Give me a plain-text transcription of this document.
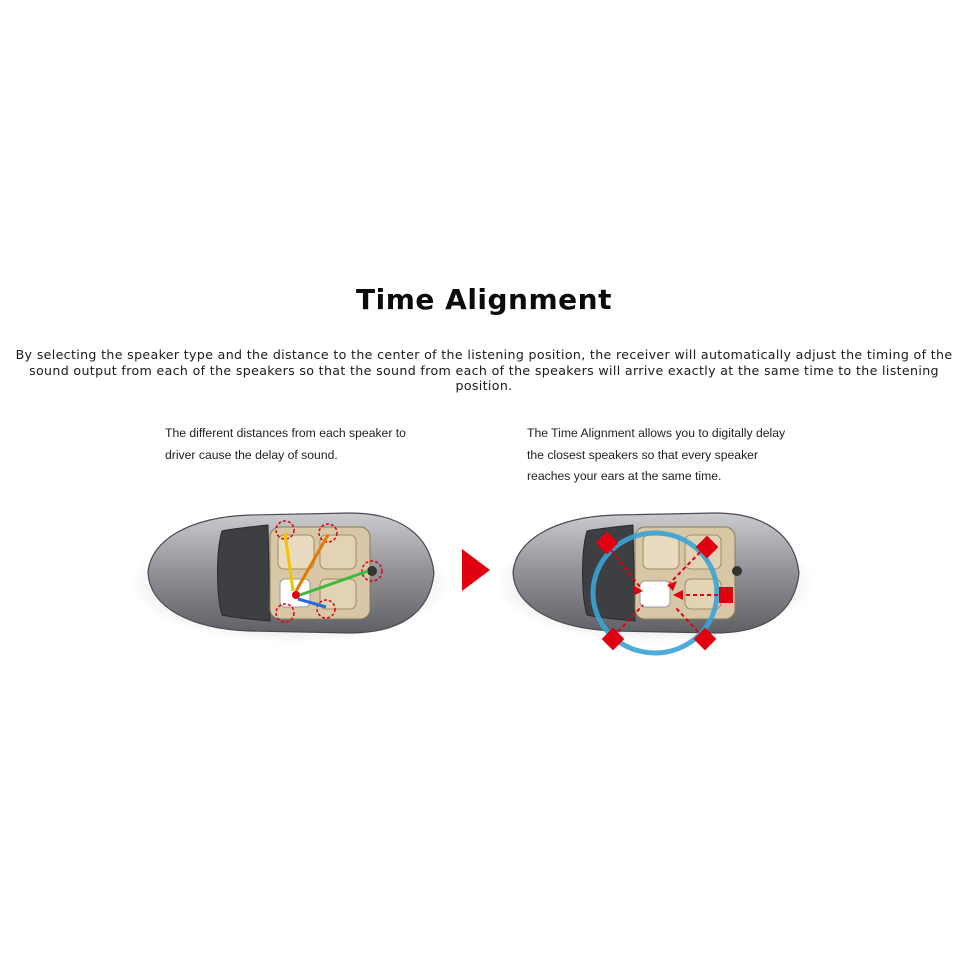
Time Alignment
By selecting the speaker type and the distance to the center of the listening position, the receiver will automatically adjust the timing of the sound output from each of the speakers so that the sound from each of the speakers will arrive exactly at the same time to the listening position.
The different distances from each speaker to
driver cause the delay of sound.
The Time Alignment allows you to digitally delay
the closest speakers so that every speaker
reaches your ears at the same time.
